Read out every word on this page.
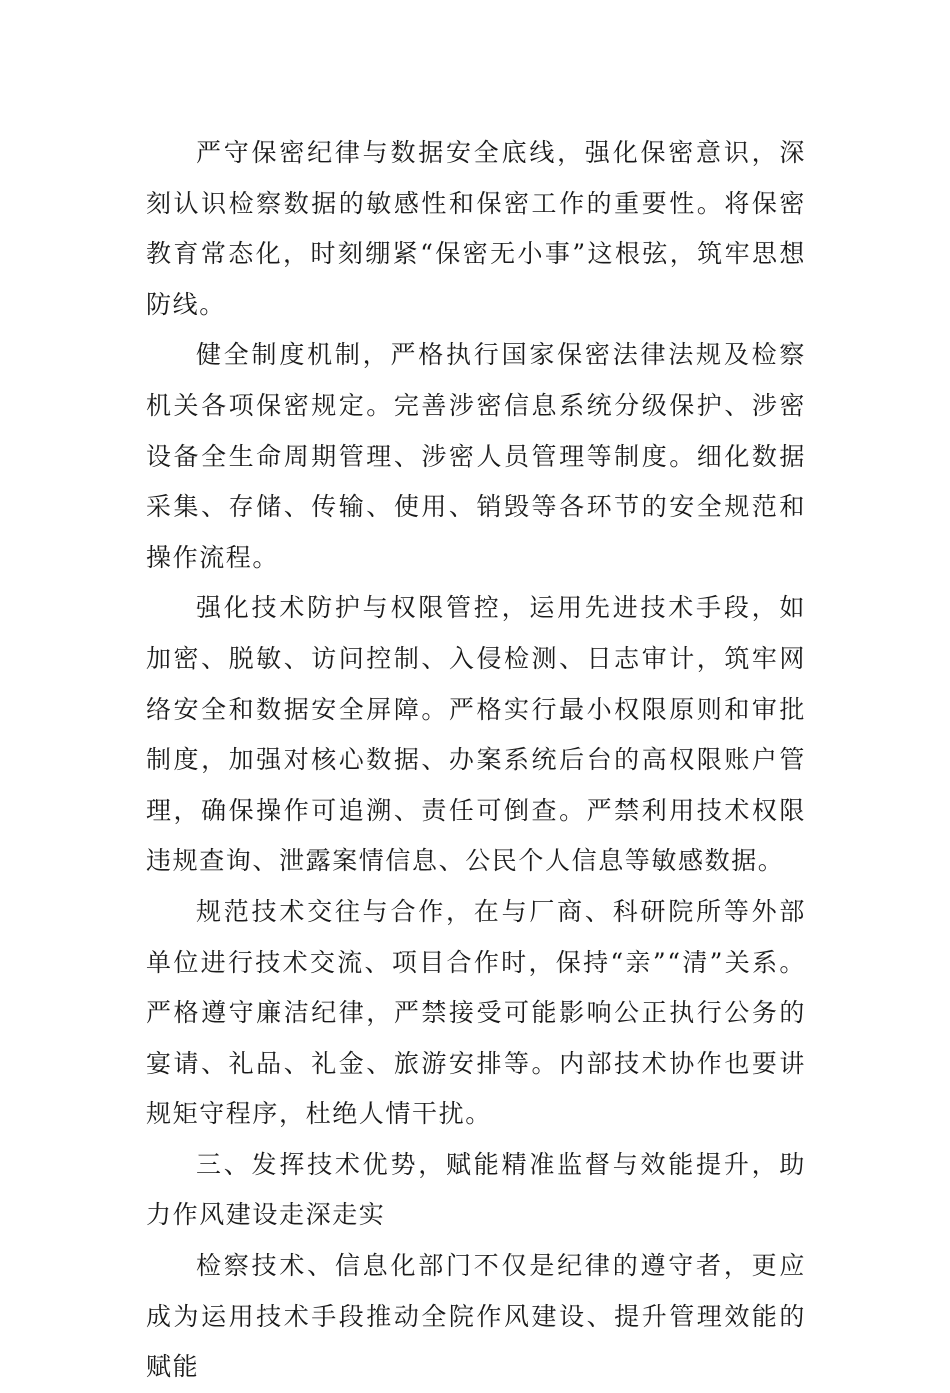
严守保密纪律与数据安全底线，强化保密意识，深刻认识检察数据的敏感性和保密工作的重要性。将保密教育常态化，时刻绷紧“保密无小事”这根弦，筑牢思想防线。

健全制度机制，严格执行国家保密法律法规及检察机关各项保密规定。完善涉密信息系统分级保护、涉密设备全生命周期管理、涉密人员管理等制度。细化数据采集、存储、传输、使用、销毁等各环节的安全规范和操作流程。

强化技术防护与权限管控，运用先进技术手段，如加密、脱敏、访问控制、入侵检测、日志审计，筑牢网络安全和数据安全屏障。严格实行最小权限原则和审批制度，加强对核心数据、办案系统后台的高权限账户管理，确保操作可追溯、责任可倒查。严禁利用技术权限违规查询、泄露案情信息、公民个人信息等敏感数据。

规范技术交往与合作，在与厂商、科研院所等外部单位进行技术交流、项目合作时，保持“亲”“清”关系。严格遵守廉洁纪律，严禁接受可能影响公正执行公务的宴请、礼品、礼金、旅游安排等。内部技术协作也要讲规矩守程序，杜绝人情干扰。

三、发挥技术优势，赋能精准监督与效能提升，助力作风建设走深走实

检察技术、信息化部门不仅是纪律的遵守者，更应成为运用技术手段推动全院作风建设、提升管理效能的赋能
